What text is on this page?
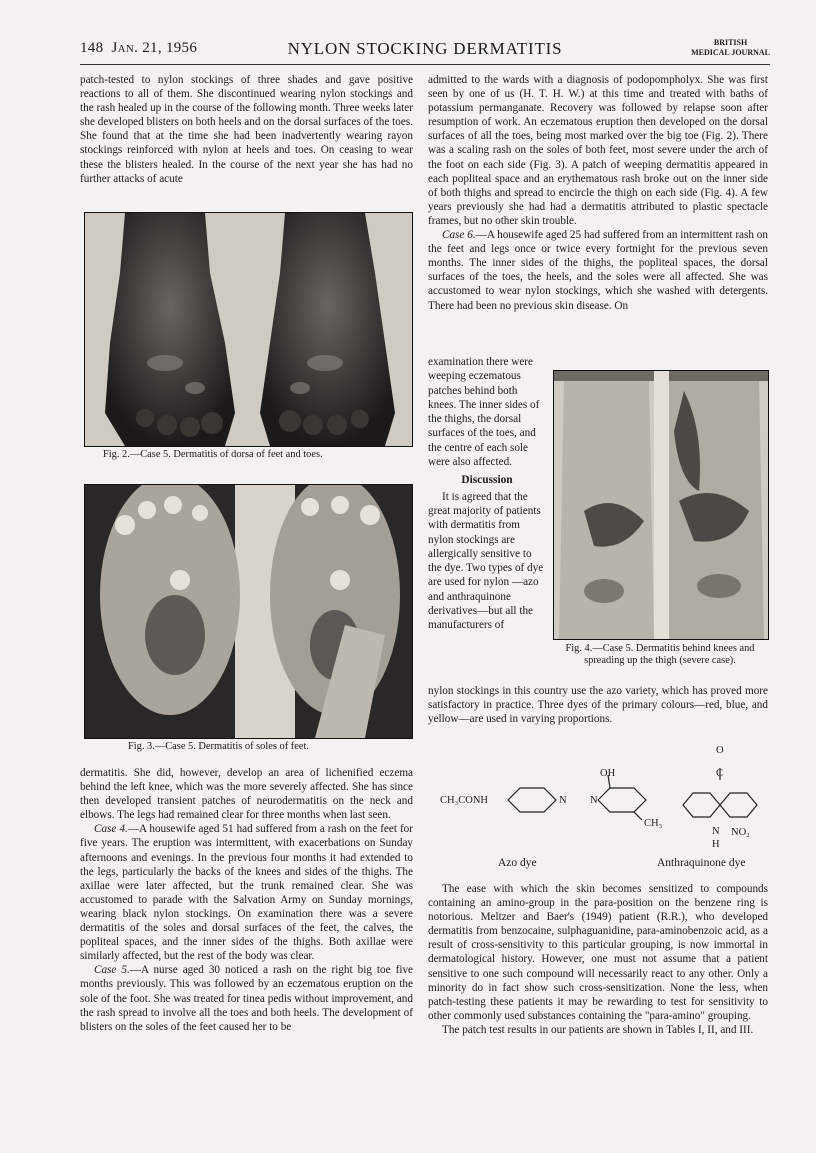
148 Jan. 21, 1956	NYLON STOCKING DERMATITIS	BRITISH
MEDICAL JOURNAL

patch-tested to nylon stockings of three shades and gave positive reactions to all of them. She discontinued wearing nylon stockings and the rash healed up in the course of the following month. Three weeks later she developed blisters on both heels and on the dorsal surfaces of the toes. She found that at the time she had been inadvertently wearing rayon stockings reinforced with nylon at heels and toes. On ceasing to wear these the blisters healed. In the course of the next year she has had no further attacks of acute

Fig. 2.—Case 5. Dermatitis of dorsa of feet and toes.
Fig. 3.—Case 5. Dermatitis of soles of feet.

dermatitis. She did, however, develop an area of lichenified eczema behind the left knee, which was the more severely affected. She has since then developed transient patches of neurodermatitis on the neck and elbows. The legs had remained clear for three months when last seen.

Case 4.—A housewife aged 51 had suffered from a rash on the feet for five years. The eruption was intermittent, with exacerbations on Sunday afternoons and evenings. In the previous four months it had extended to the legs, particularly the backs of the knees and sides of the thighs. The axillae were later affected, but the trunk remained clear. She was accustomed to parade with the Salvation Army on Sunday mornings, wearing black nylon stockings. On examination there was a severe dermatitis of the soles and dorsal surfaces of the feet, the calves, the popliteal spaces, and the inner sides of the thighs. Both axillae were similarly affected, but the rest of the body was clear.

Case 5.—A nurse aged 30 noticed a rash on the right big toe five months previously. This was followed by an eczematous eruption on the sole of the foot. She was treated for tinea pedis without improvement, and the rash spread to involve all the toes and both heels. The development of blisters on the soles of the feet caused her to be

admitted to the wards with a diagnosis of podopompholyx. She was first seen by one of us (H. T. H. W.) at this time and treated with baths of potassium permanganate. Recovery was followed by relapse soon after resumption of work. An eczematous eruption then developed on the dorsal surfaces of all the toes, being most marked over the big toe (Fig. 2). There was a scaling rash on the soles of both feet, most severe under the arch of the foot on each side (Fig. 3). A patch of weeping dermatitis appeared in each popliteal space and an erythematous rash broke out on the inner side of both thighs and spread to encircle the thigh on each side (Fig. 4). A few years previously she had had a dermatitis attributed to plastic spectacle frames, but no other skin trouble.

Case 6.—A housewife aged 25 had suffered from an intermittent rash on the feet and legs once or twice every fortnight for the previous seven months. The inner sides of the thighs, the popliteal spaces, the dorsal surfaces of the toes, the heels, and the soles were all affected. She was accustomed to wear nylon stockings, which she washed with detergents. There had been no previous skin disease. On

examination there were weeping eczematous patches behind both knees. The inner sides of the thighs, the dorsal surfaces of the toes, and the centre of each sole were also affected.

Discussion

It is agreed that the great majority of patients with dermatitis from nylon stockings are allergically sensitive to the dye. Two types of dye are used for nylon —azo and anthraquinone derivatives—but all the manufacturers of

Fig. 4.—Case 5. Dermatitis behind knees and spreading up the thigh (severe case).

nylon stockings in this country use the azo variety, which has proved more satisfactory in practice. Three dyes of the primary colours—red, blue, and yellow—are used in varying proportions.

CH₃CONH	N N
OH
CH₃
O
C
N
H
NO₂
Azo dye	Anthraquinone dye

The ease with which the skin becomes sensitized to compounds containing an amino-group in the para-position on the benzene ring is notorious. Meltzer and Baer's (1949) patient (R.R.), who developed dermatitis from benzocaine, sulphaguanidine, para-aminobenzoic acid, as a result of cross-sensitivity to this particular grouping, is now immortal in dermatological history. However, one must not assume that a patient sensitive to one such compound will necessarily react to any other. Only a minority do in fact show such cross-sensitization. None the less, when patch-testing these patients it may be rewarding to test for sensitivity to other commonly used substances containing the "para-amino" grouping.

The patch test results in our patients are shown in Tables I, II, and III.
